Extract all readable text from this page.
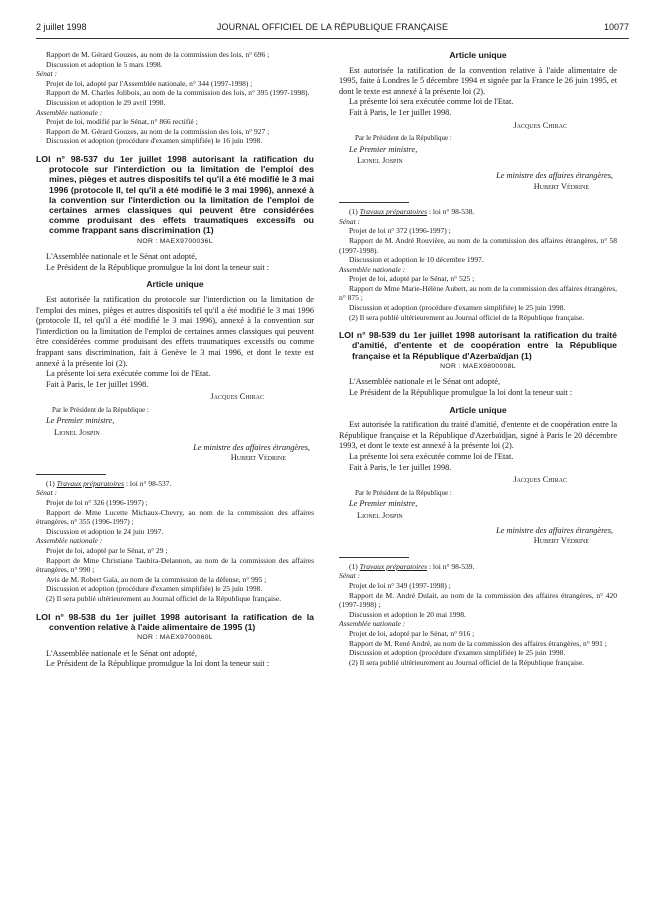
2 juillet 1998	JOURNAL OFFICIEL DE LA RÉPUBLIQUE FRANÇAISE	10077

Rapport de M. Gérard Gouzes, au nom de la commission des lois, n° 696 ;

Discussion et adoption le 5 mars 1998.

Sénat :

Projet de loi, adopté par l'Assemblée nationale, n° 344 (1997-1998) ;

Rapport de M. Charles Jolibois, au nom de la commission des lois, n° 395 (1997-1998).

Discussion et adoption le 29 avril 1998.

Assemblée nationale :

Projet de loi, modifié par le Sénat, n° 866 rectifié ;

Rapport de M. Gérard Gouzes, au nom de la commission des lois, n° 927 ;

Discussion et adoption (procédure d'examen simplifiée) le 16 juin 1998.

LOI n° 98-537 du 1er juillet 1998 autorisant la ratification du protocole sur l'interdiction ou la limitation de l'emploi des mines, pièges et autres dispositifs tel qu'il a été modifié le 3 mai 1996 (protocole II, tel qu'il a été modifié le 3 mai 1996), annexé à la convention sur l'interdiction ou la limitation de l'emploi de certaines armes classiques qui peuvent être considérées comme produisant des effets traumatiques excessifs ou comme frappant sans discrimination (1)

NOR : MAEX9700036L

L'Assemblée nationale et le Sénat ont adopté,

Le Président de la République promulgue la loi dont la teneur suit :

Article unique

Est autorisée la ratification du protocole sur l'interdiction ou la limitation de l'emploi des mines, pièges et autres dispositifs tel qu'il a été modifié le 3 mai 1996 (protocole II, tel qu'il a été modifié le 3 mai 1996), annexé à la convention sur l'interdiction ou la limitation de l'emploi de certaines armes classiques qui peuvent être considérées comme produisant des effets traumatiques excessifs ou comme frappant sans discrimination, fait à Genève le 3 mai 1996, et dont le texte est annexé à la présente loi (2).

La présente loi sera exécutée comme loi de l'Etat.

Fait à Paris, le 1er juillet 1998.

Jacques Chirac

Par le Président de la République :

Le Premier ministre,

Lionel Jospin

Le ministre des affaires étrangères,

Hubert Védrine

(1) Travaux préparatoires : loi n° 98-537.

Sénat :

Projet de loi n° 326 (1996-1997) ;

Rapport de Mme Lucette Michaux-Chevry, au nom de la commission des affaires étrangères, n° 355 (1996-1997) ;

Discussion et adoption le 24 juin 1997.

Assemblée nationale :

Projet de loi, adopté par le Sénat, n° 29 ;

Rapport de Mme Christiane Taubira-Delannon, au nom de la commission des affaires étrangères, n° 990 ;

Avis de M. Robert Gaïa, au nom de la commission de la défense, n° 995 ;

Discussion et adoption (procédure d'examen simplifiée) le 25 juin 1998.

(2) Il sera publié ultérieurement au Journal officiel de la République française.

LOI n° 98-538 du 1er juillet 1998 autorisant la ratification de la convention relative à l'aide alimentaire de 1995 (1)

NOR : MAEX9700060L

L'Assemblée nationale et le Sénat ont adopté,

Le Président de la République promulgue la loi dont la teneur suit :

Article unique

Est autorisée la ratification de la convention relative à l'aide alimentaire de 1995, faite à Londres le 5 décembre 1994 et signée par la France le 26 juin 1995, et dont le texte est annexé à la présente loi (2).

La présente loi sera exécutée comme loi de l'Etat.

Fait à Paris, le 1er juillet 1998.

Jacques Chirac

Par le Président de la République :

Le Premier ministre,

Lionel Jospin

Le ministre des affaires étrangères,

Hubert Védrine

(1) Travaux préparatoires : loi n° 98-538.

Sénat :

Projet de loi n° 372 (1996-1997) ;

Rapport de M. André Rouvière, au nom de la commission des affaires étrangères, n° 58 (1997-1998).

Discussion et adoption le 10 décembre 1997.

Assemblée nationale :

Projet de loi, adopté par le Sénat, n° 525 ;

Rapport de Mme Marie-Hélène Aubert, au nom de la commission des affaires étrangères, n° 875 ;

Discussion et adoption (procédure d'examen simplifiée) le 25 juin 1998.

(2) Il sera publié ultérieurement au Journal officiel de la République française.

LOI n° 98-539 du 1er juillet 1998 autorisant la ratification du traité d'amitié, d'entente et de coopération entre la République française et la République d'Azerbaïdjan (1)

NOR : MAEX9800008L

L'Assemblée nationale et le Sénat ont adopté,

Le Président de la République promulgue la loi dont la teneur suit :

Article unique

Est autorisée la ratification du traité d'amitié, d'entente et de coopération entre la République française et la République d'Azerbaïdjan, signé à Paris le 20 décembre 1993, et dont le texte est annexé à la présente loi (2).

La présente loi sera exécutée comme loi de l'Etat.

Fait à Paris, le 1er juillet 1998.

Jacques Chirac

Par le Président de la République :

Le Premier ministre,

Lionel Jospin

Le ministre des affaires étrangères,

Hubert Védrine

(1) Travaux préparatoires : loi n° 98-539.

Sénat :

Projet de loi n° 349 (1997-1998) ;

Rapport de M. André Dulait, au nom de la commission des affaires étrangères, n° 420 (1997-1998) ;

Discussion et adoption le 20 mai 1998.

Assemblée nationale :

Projet de loi, adopté par le Sénat, n° 916 ;

Rapport de M. René André, au nom de la commission des affaires étrangères, n° 991 ;

Discussion et adoption (procédure d'examen simplifiée) le 25 juin 1998.

(2) Il sera publié ultérieurement au Journal officiel de la République française.
